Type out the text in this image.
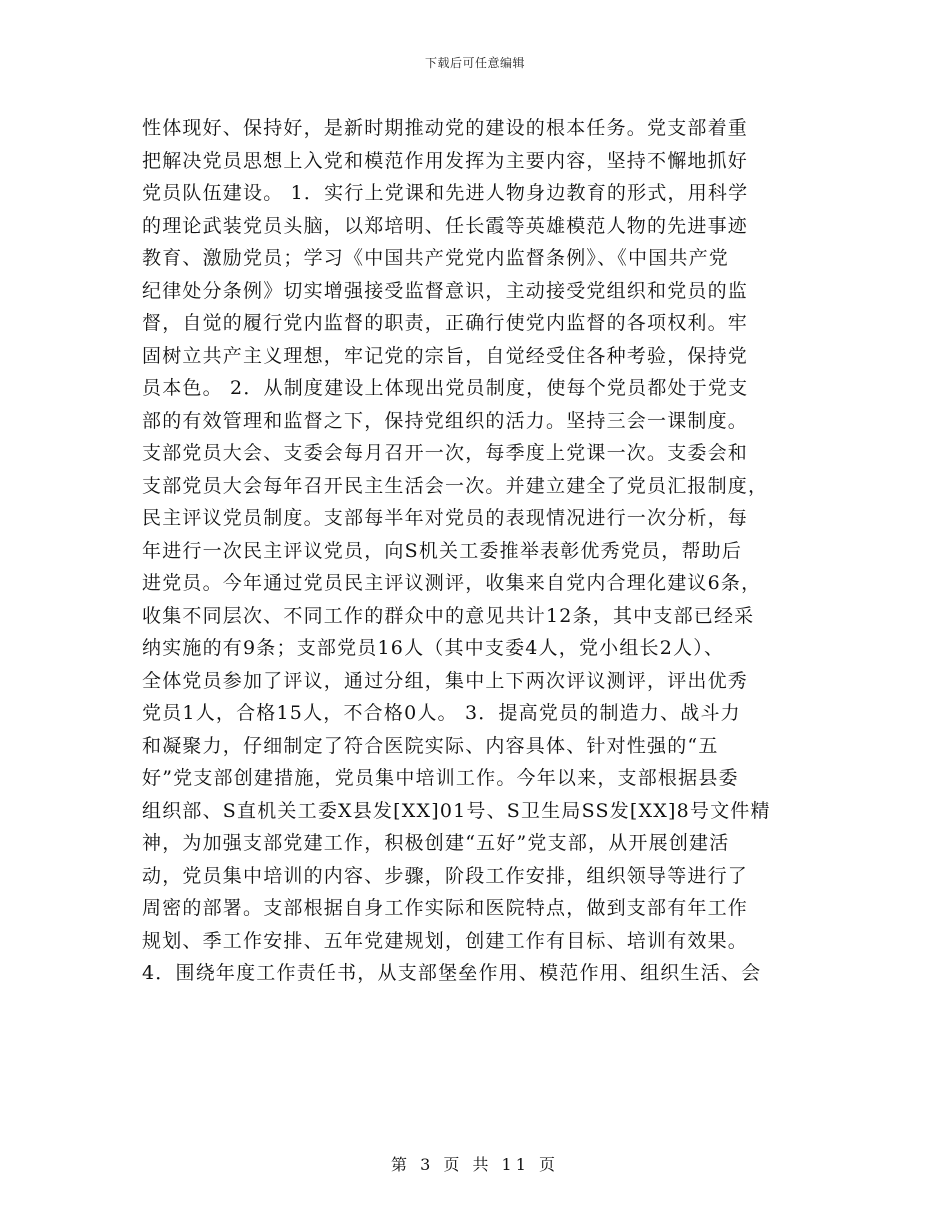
下载后可任意编辑
性体现好、保持好，是新时期推动党的建设的根本任务。党支部着重
把解决党员思想上入党和模范作用发挥为主要内容，坚持不懈地抓好
党员队伍建设。 1．实行上党课和先进人物身边教育的形式，用科学
的理论武装党员头脑，以郑培明、任长霞等英雄模范人物的先进事迹
教育、激励党员；学习《中国共产党党内监督条例》、《中国共产党
纪律处分条例》切实增强接受监督意识，主动接受党组织和党员的监
督，自觉的履行党内监督的职责，正确行使党内监督的各项权利。牢
固树立共产主义理想，牢记党的宗旨，自觉经受住各种考验，保持党
员本色。 2．从制度建设上体现出党员制度，使每个党员都处于党支
部的有效管理和监督之下，保持党组织的活力。坚持三会一课制度。
支部党员大会、支委会每月召开一次，每季度上党课一次。支委会和
支部党员大会每年召开民主生活会一次。并建立建全了党员汇报制度，
民主评议党员制度。支部每半年对党员的表现情况进行一次分析，每
年进行一次民主评议党员，向S机关工委推举表彰优秀党员，帮助后
进党员。今年通过党员民主评议测评，收集来自党内合理化建议6条，
收集不同层次、不同工作的群众中的意见共计12条，其中支部已经采
纳实施的有9条；支部党员16人（其中支委4人，党小组长2人）、
全体党员参加了评议，通过分组，集中上下两次评议测评，评出优秀
党员1人，合格15人，不合格0人。 3．提高党员的制造力、战斗力
和凝聚力，仔细制定了符合医院实际、内容具体、针对性强的“五
好”党支部创建措施，党员集中培训工作。今年以来，支部根据县委
组织部、S直机关工委X县发[XX]01号、S卫生局SS发[XX]8号文件精
神，为加强支部党建工作，积极创建“五好”党支部，从开展创建活
动，党员集中培训的内容、步骤，阶段工作安排，组织领导等进行了
周密的部署。支部根据自身工作实际和医院特点，做到支部有年工作
规划、季工作安排、五年党建规划，创建工作有目标、培训有效果。
4．围绕年度工作责任书，从支部堡垒作用、模范作用、组织生活、会
第 3 页 共 11 页
